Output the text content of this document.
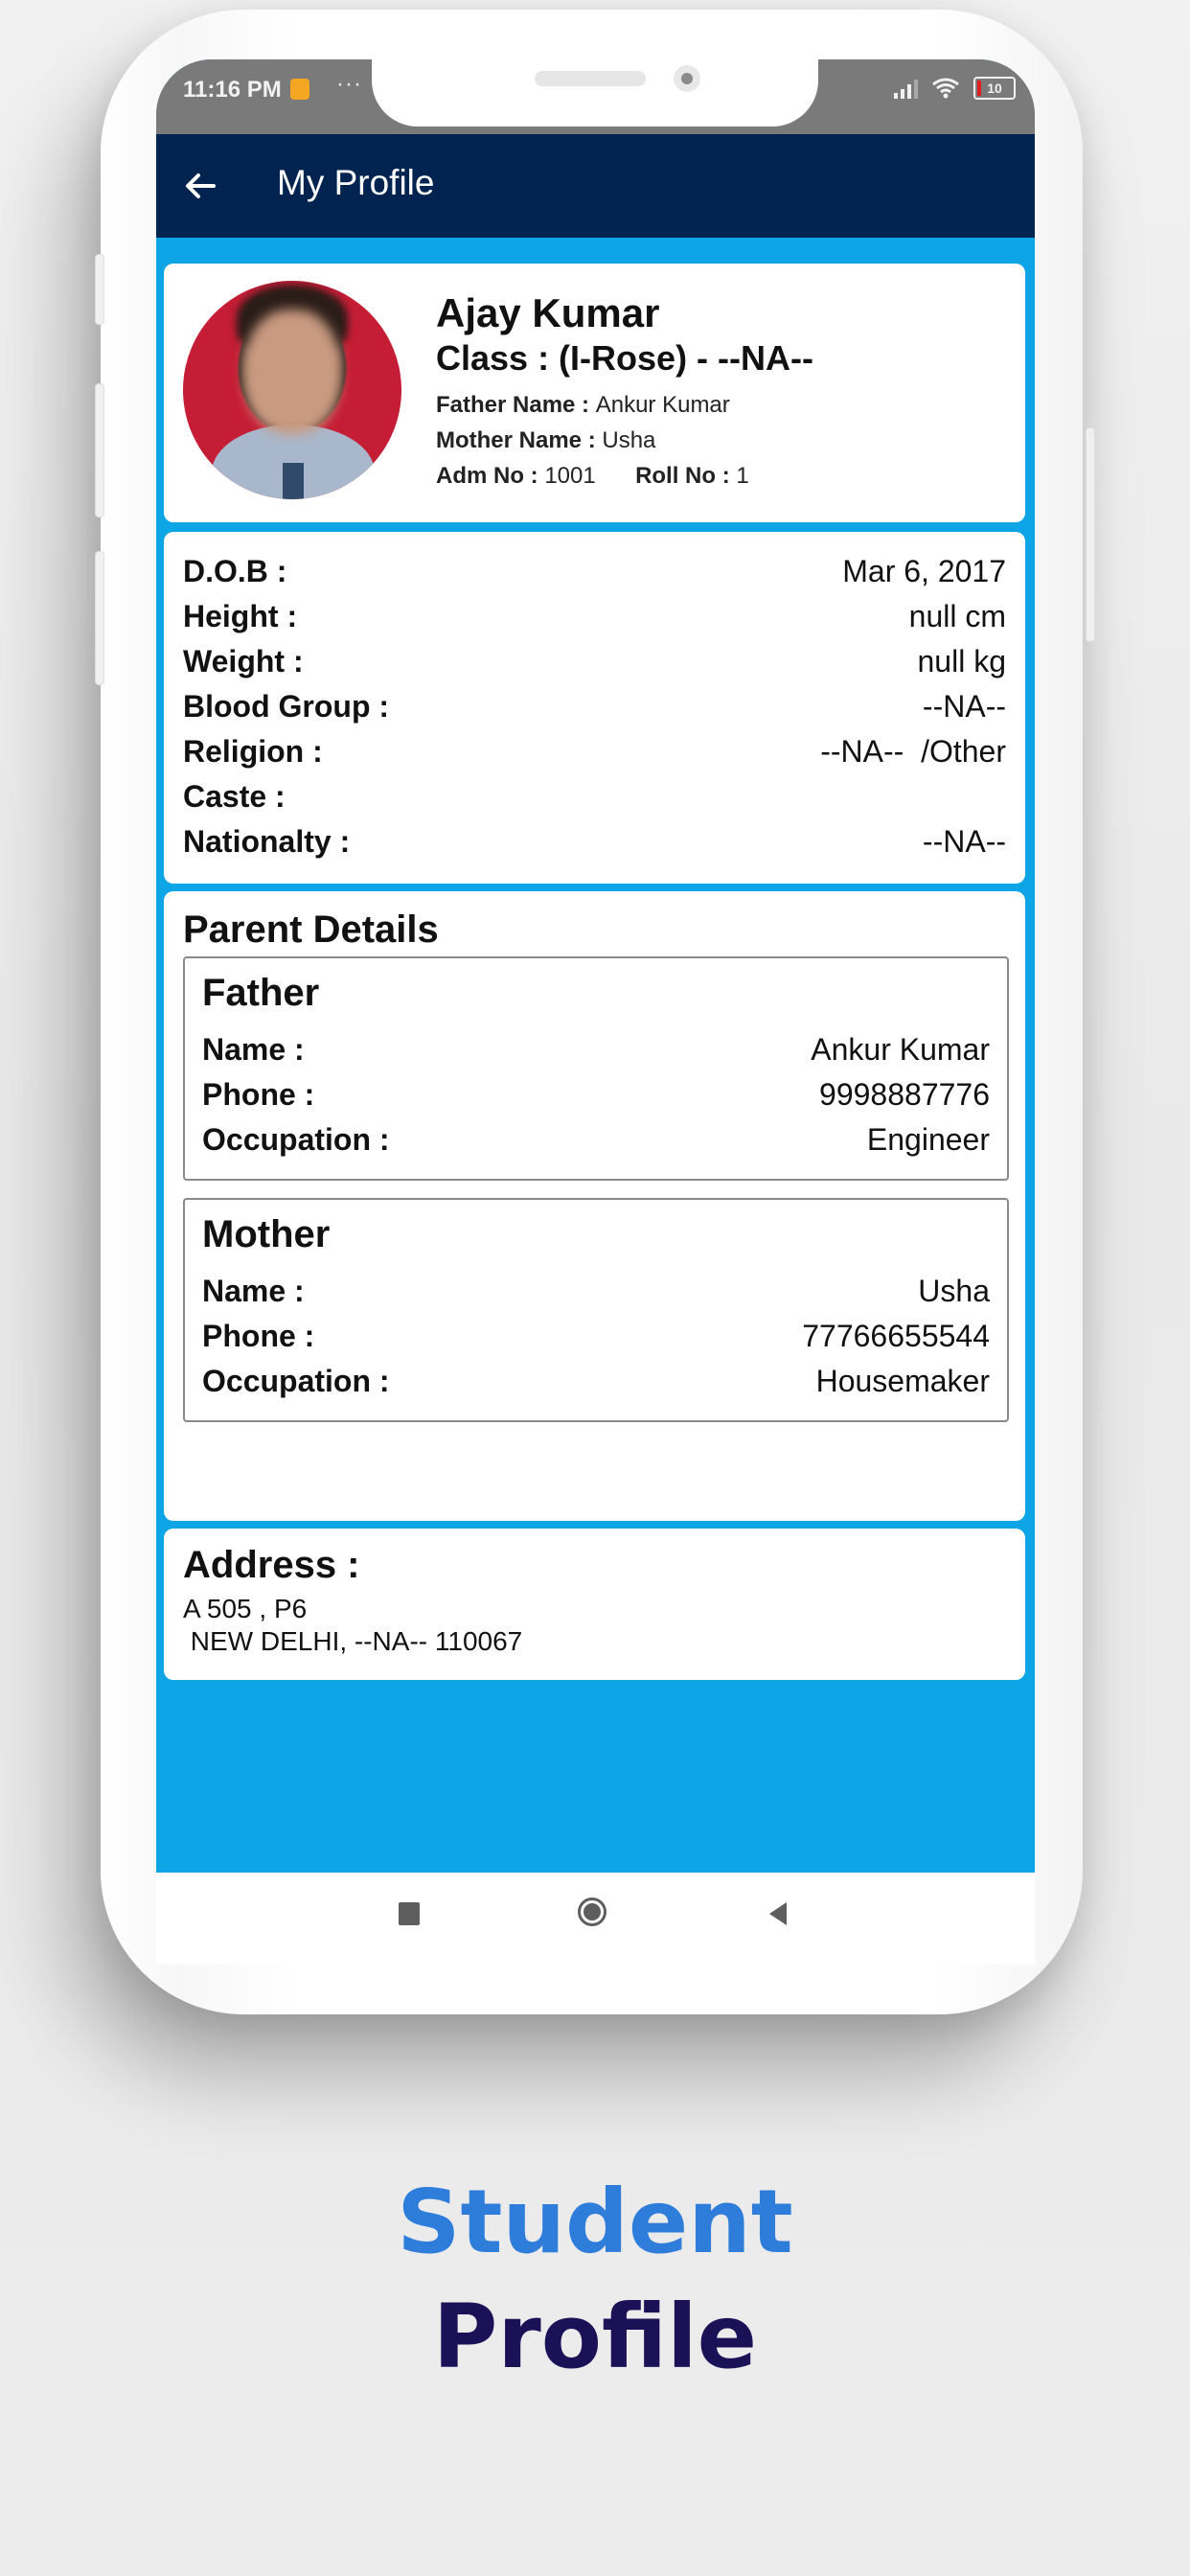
11:16 PM ···	10
My Profile
Ajay Kumar
Class : (I-Rose) - --NA--
Father Name : Ankur Kumar
Mother Name : Usha
Adm No : 1001 Roll No : 1
D.O.B :	Mar 6, 2017
Height :	null cm
Weight :	null kg
Blood Group :	--NA--
Religion :	--NA--  /Other
Caste :
Nationalty :	--NA--
Parent Details
Father
Name :	Ankur Kumar
Phone :	9998887776
Occupation :	Engineer
Mother
Name :	Usha
Phone :	77766655544
Occupation :	Housemaker
Address :
A 505 , P6
NEW DELHI, --NA-- 110067
Student
Profile
